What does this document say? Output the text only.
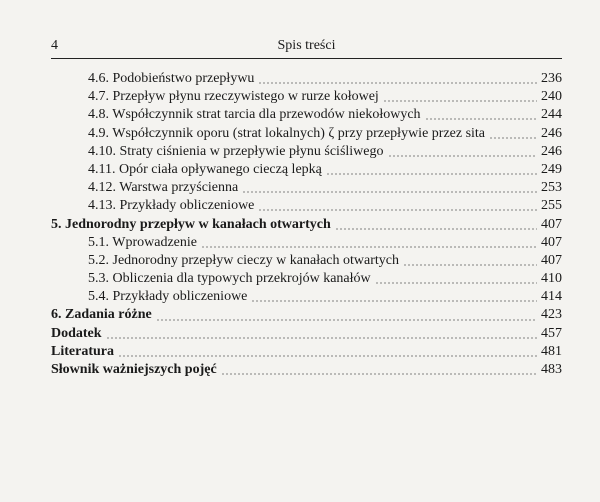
4	Spis treści
4.6. Podobieństwo przepływu	236
4.7. Przepływ płynu rzeczywistego w rurze kołowej	240
4.8. Współczynnik strat tarcia dla przewodów niekołowych	244
4.9. Współczynnik oporu (strat lokalnych) ζ przy przepływie przez sita	246
4.10. Straty ciśnienia w przepływie płynu ściśliwego	246
4.11. Opór ciała opływanego cieczą lepką	249
4.12. Warstwa przyścienna	253
4.13. Przykłady obliczeniowe	255
5. Jednorodny przepływ w kanałach otwartych	407
5.1. Wprowadzenie	407
5.2. Jednorodny przepływ cieczy w kanałach otwartych	407
5.3. Obliczenia dla typowych przekrojów kanałów	410
5.4. Przykłady obliczeniowe	414
6. Zadania różne	423
Dodatek	457
Literatura	481
Słownik ważniejszych pojęć	483
